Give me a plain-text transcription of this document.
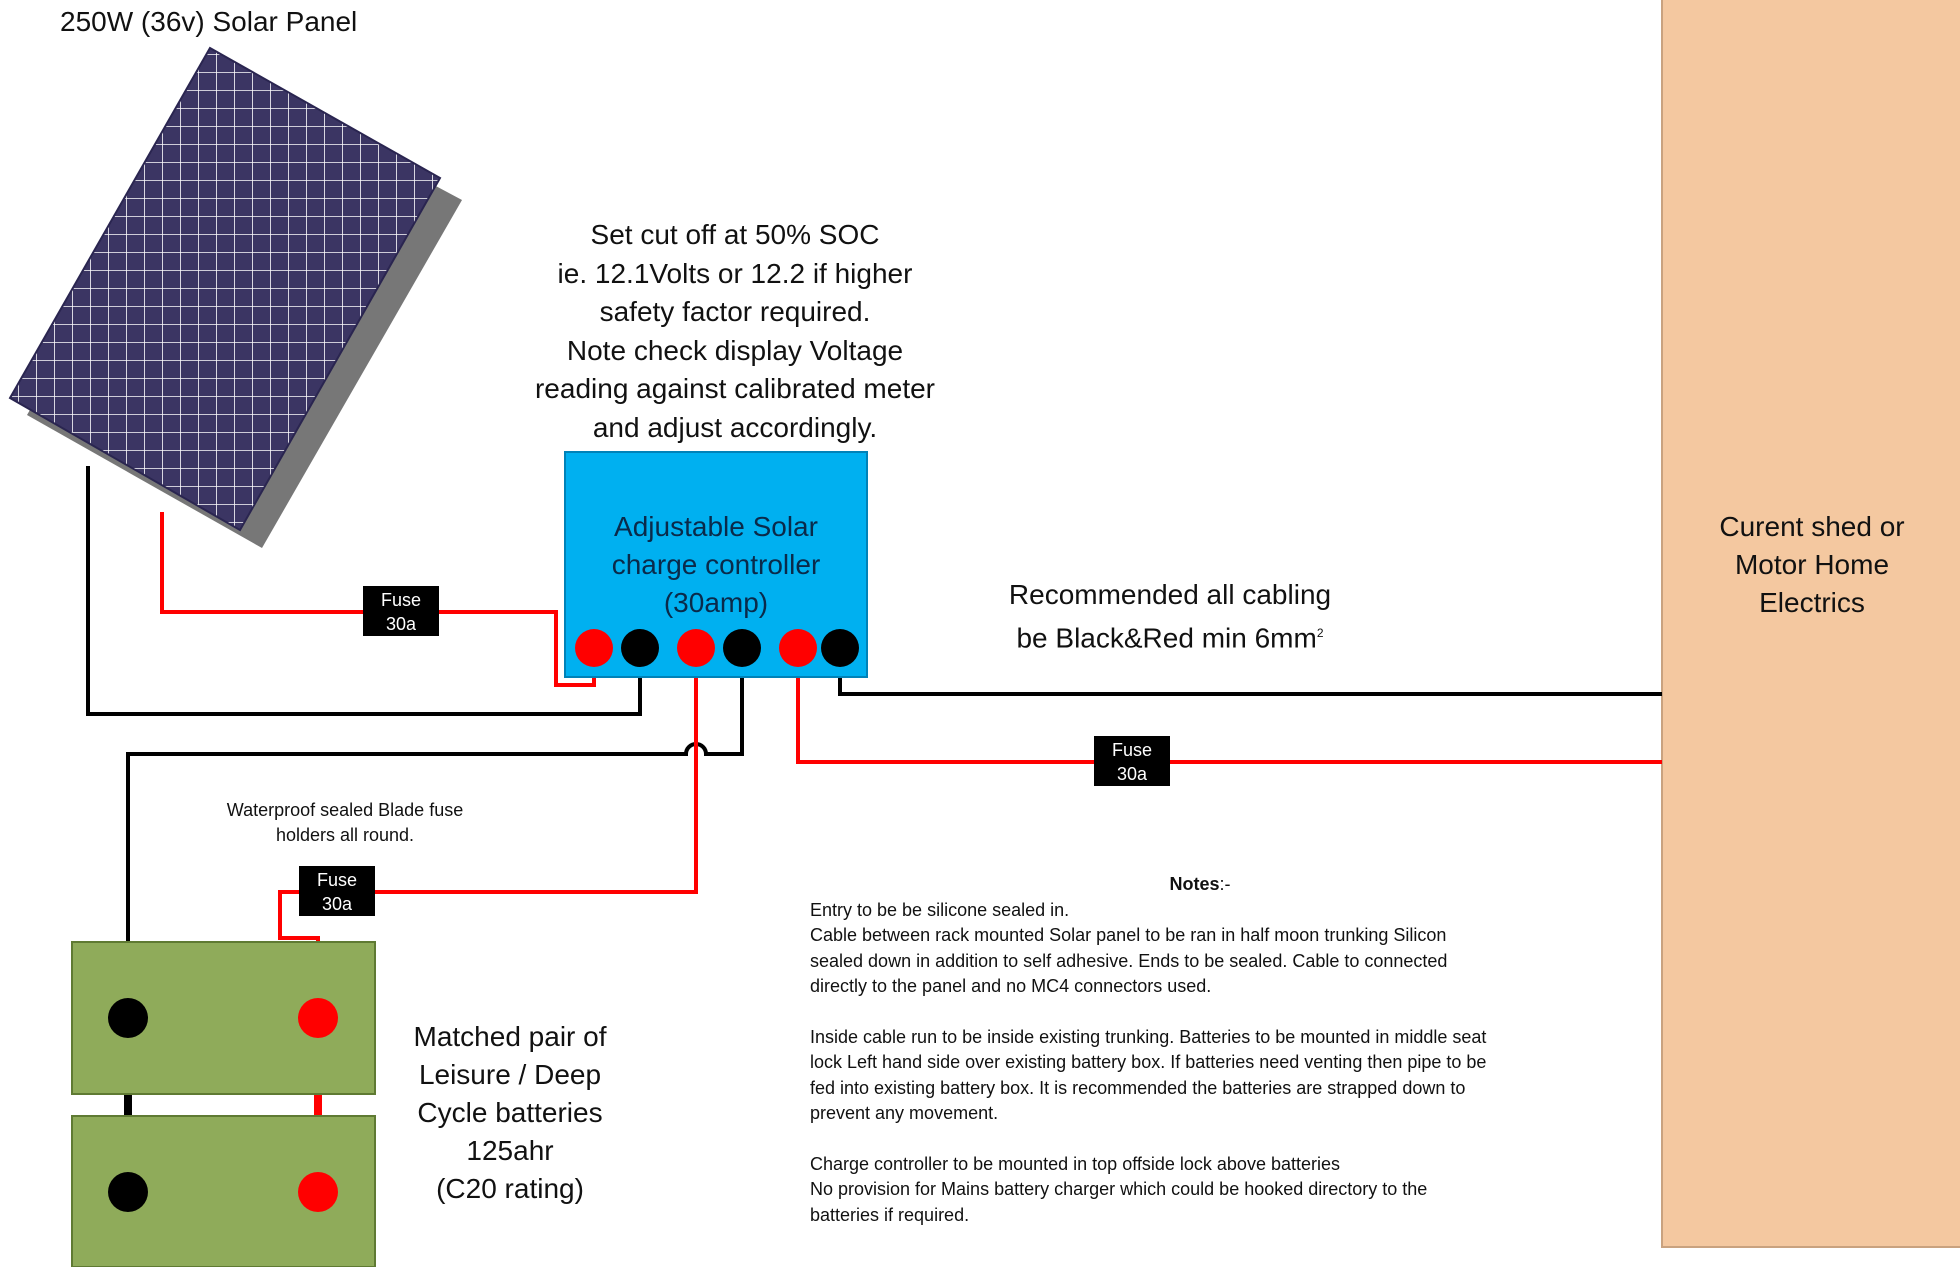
250W (36v) Solar Panel
Set cut off at 50% SOC
ie. 12.1Volts or 12.2 if higher
safety factor required.
Note check display Voltage
reading against calibrated meter
and adjust accordingly.
Adjustable Solar
charge controller
(30amp)	Recommended all cabling
be Black&Red $\min 6mm^2$
Curent shed or
Motor Home
Electrics
Fuse
30a
Fuse
30a
Fuse
30a
Waterproof sealed Blade fuse
holders all round.
Matched pair of
Leisure / Deep
Cycle batteries
125ahr
(C20 rating)
Notes:-

Entry to be be silicone sealed in.

Cable between rack mounted Solar panel to be ran in half moon trunking Silicon

sealed down in addition to self adhesive. Ends to be sealed. Cable to connected

directly to the panel and no MC4 connectors used.

Inside cable run to be inside existing trunking. Batteries to be mounted in middle seat

lock Left hand side over existing battery box. If batteries need venting then pipe to be

fed into existing battery box. It is recommended the batteries are strapped down to

prevent any movement.

Charge controller to be mounted in top offside lock above batteries

No provision for Mains battery charger which could be hooked directory to the

batteries if required.
